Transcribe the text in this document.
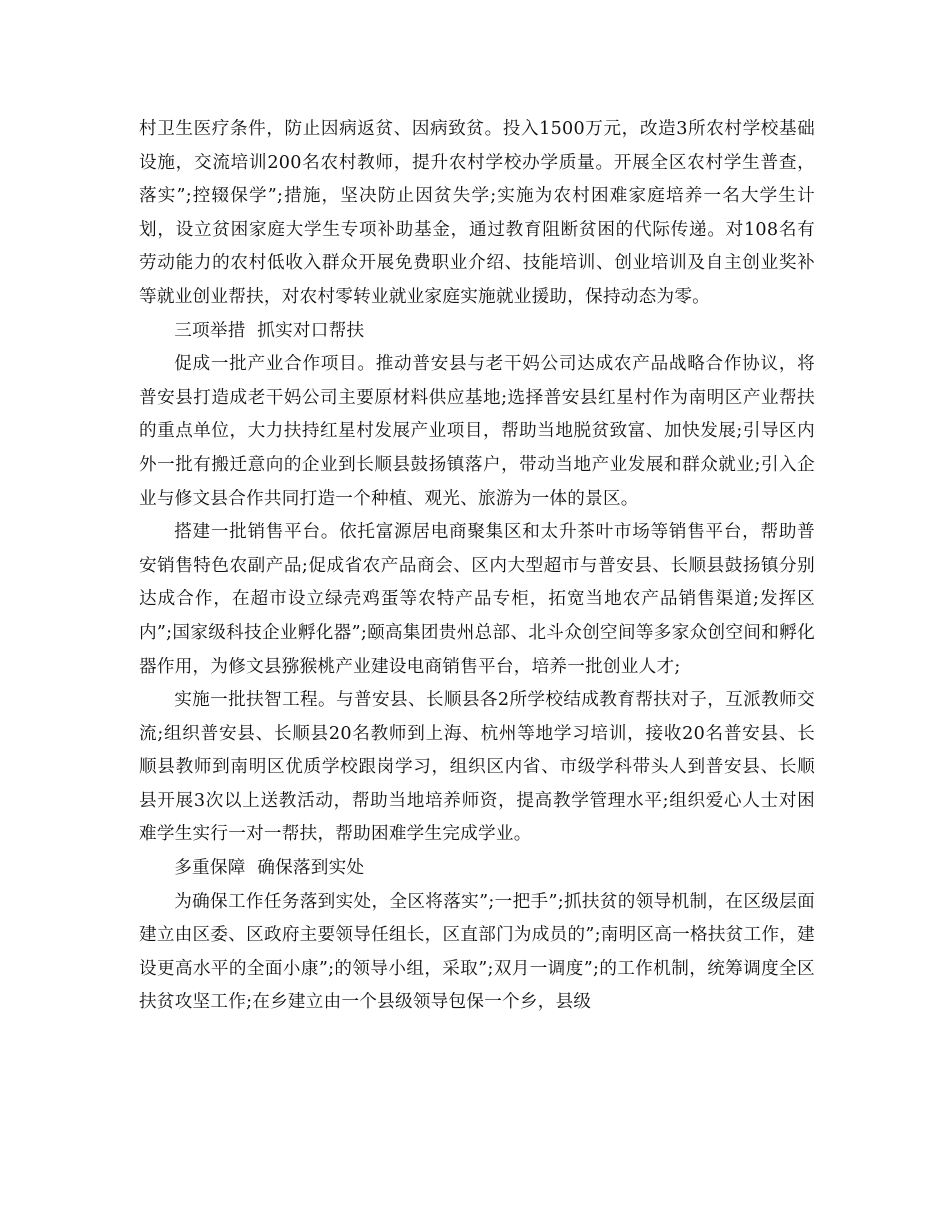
村卫生医疗条件，防止因病返贫、因病致贫。投入1500万元，改造3所农村学校基础设施，交流培训200名农村教师，提升农村学校办学质量。开展全区农村学生普查，落实”;控辍保学”;措施，坚决防止因贫失学;实施为农村困难家庭培养一名大学生计划，设立贫困家庭大学生专项补助基金，通过教育阻断贫困的代际传递。对108名有劳动能力的农村低收入群众开展免费职业介绍、技能培训、创业培训及自主创业奖补等就业创业帮扶，对农村零转业就业家庭实施就业援助，保持动态为零。

三项举措  抓实对口帮扶

促成一批产业合作项目。推动普安县与老干妈公司达成农产品战略合作协议，将普安县打造成老干妈公司主要原材料供应基地;选择普安县红星村作为南明区产业帮扶的重点单位，大力扶持红星村发展产业项目，帮助当地脱贫致富、加快发展;引导区内外一批有搬迁意向的企业到长顺县鼓扬镇落户，带动当地产业发展和群众就业;引入企业与修文县合作共同打造一个种植、观光、旅游为一体的景区。

搭建一批销售平台。依托富源居电商聚集区和太升茶叶市场等销售平台，帮助普安销售特色农副产品;促成省农产品商会、区内大型超市与普安县、长顺县鼓扬镇分别达成合作，在超市设立绿壳鸡蛋等农特产品专柜，拓宽当地农产品销售渠道;发挥区内”;国家级科技企业孵化器”;颐高集团贵州总部、北斗众创空间等多家众创空间和孵化器作用，为修文县猕猴桃产业建设电商销售平台，培养一批创业人才;

实施一批扶智工程。与普安县、长顺县各2所学校结成教育帮扶对子，互派教师交流;组织普安县、长顺县20名教师到上海、杭州等地学习培训，接收20名普安县、长顺县教师到南明区优质学校跟岗学习，组织区内省、市级学科带头人到普安县、长顺县开展3次以上送教活动，帮助当地培养师资，提高教学管理水平;组织爱心人士对困难学生实行一对一帮扶，帮助困难学生完成学业。

多重保障  确保落到实处

为确保工作任务落到实处，全区将落实”;一把手”;抓扶贫的领导机制，在区级层面建立由区委、区政府主要领导任组长，区直部门为成员的”;南明区高一格扶贫工作，建设更高水平的全面小康”;的领导小组，采取”;双月一调度”;的工作机制，统筹调度全区扶贫攻坚工作;在乡建立由一个县级领导包保一个乡，县级
